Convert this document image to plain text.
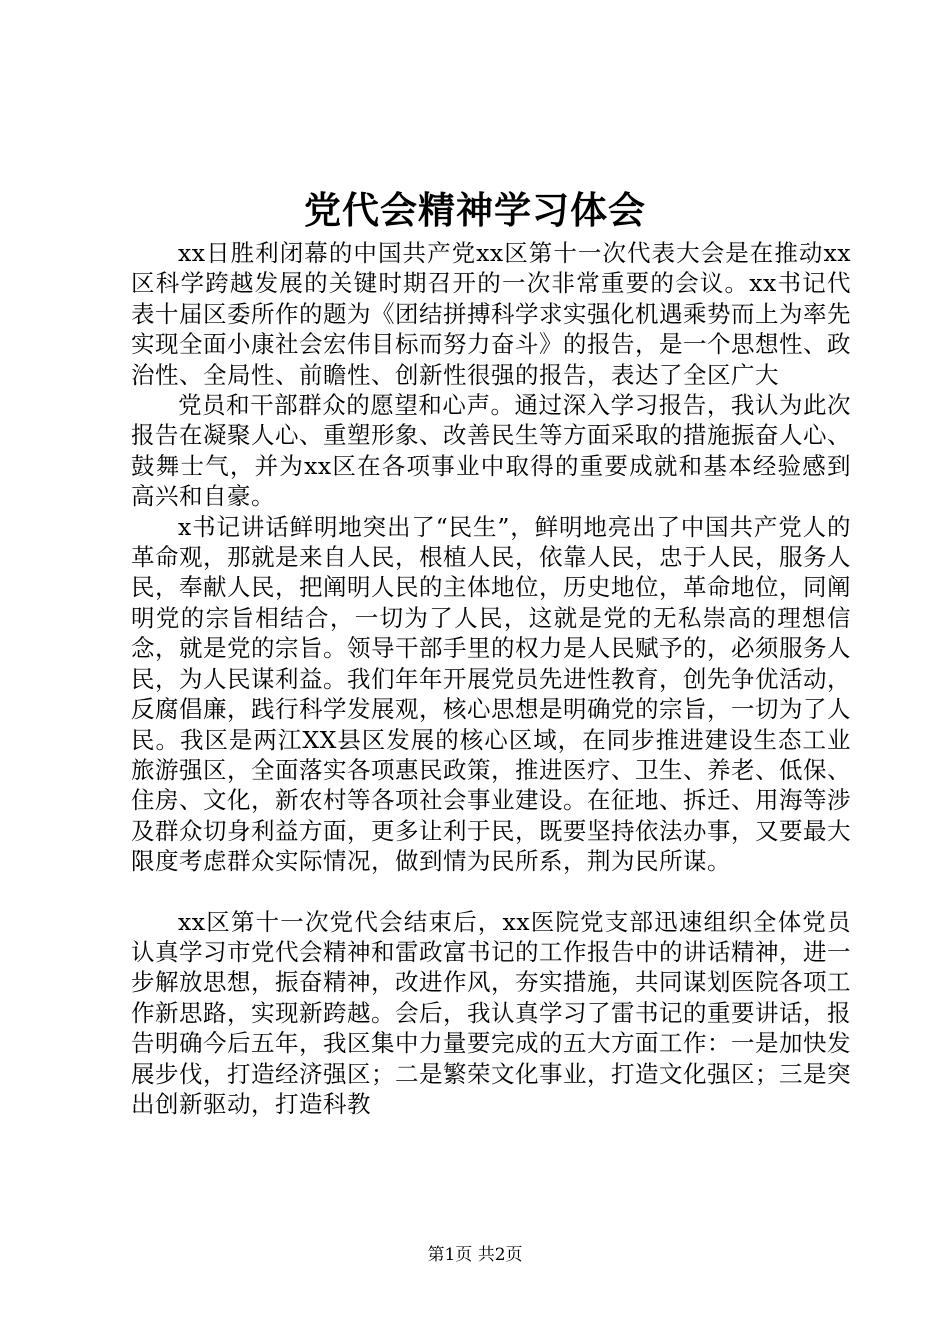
党代会精神学习体会

xx日胜利闭幕的中国共产党xx区第十一次代表大会是在推动xx区科学跨越发展的关键时期召开的一次非常重要的会议。xx书记代表十届区委所作的题为《团结拼搏科学求实强化机遇乘势而上为率先实现全面小康社会宏伟目标而努力奋斗》的报告，是一个思想性、政治性、全局性、前瞻性、创新性很强的报告，表达了全区广大

党员和干部群众的愿望和心声。通过深入学习报告，我认为此次报告在凝聚人心、重塑形象、改善民生等方面采取的措施振奋人心、鼓舞士气，并为xx区在各项事业中取得的重要成就和基本经验感到高兴和自豪。

x书记讲话鲜明地突出了“民生”，鲜明地亮出了中国共产党人的革命观，那就是来自人民，根植人民，依靠人民，忠于人民，服务人民，奉献人民，把阐明人民的主体地位，历史地位，革命地位，同阐明党的宗旨相结合，一切为了人民，这就是党的无私崇高的理想信念，就是党的宗旨。领导干部手里的权力是人民赋予的，必须服务人民，为人民谋利益。我们年年开展党员先进性教育，创先争优活动，反腐倡廉，践行科学发展观，核心思想是明确党的宗旨，一切为了人民。我区是两江XX县区发展的核心区域，在同步推进建设生态工业旅游强区，全面落实各项惠民政策，推进医疗、卫生、养老、低保、住房、文化，新农村等各项社会事业建设。在征地、拆迁、用海等涉及群众切身利益方面，更多让利于民，既要坚持依法办事，又要最大限度考虑群众实际情况，做到情为民所系，荆为民所谋。

xx区第十一次党代会结束后，xx医院党支部迅速组织全体党员认真学习市党代会精神和雷政富书记的工作报告中的讲话精神，进一步解放思想，振奋精神，改进作风，夯实措施，共同谋划医院各项工作新思路，实现新跨越。会后，我认真学习了雷书记的重要讲话，报告明确今后五年，我区集中力量要完成的五大方面工作：一是加快发展步伐，打造经济强区；二是繁荣文化事业，打造文化强区；三是突出创新驱动，打造科教

第1页 共2页
